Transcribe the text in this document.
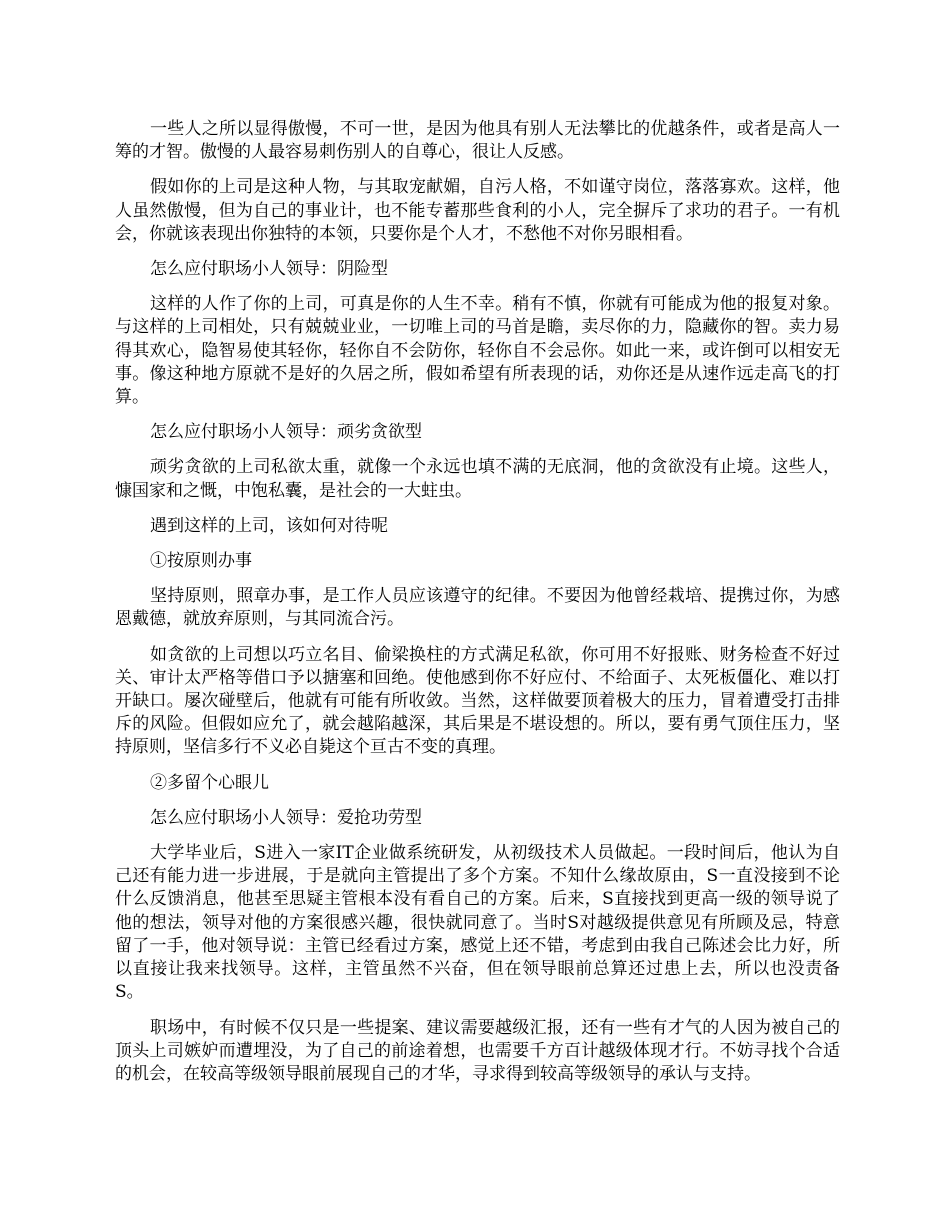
一些人之所以显得傲慢，不可一世，是因为他具有别人无法攀比的优越条件，或者是高人一筹的才智。傲慢的人最容易刺伤别人的自尊心，很让人反感。

假如你的上司是这种人物，与其取宠献媚，自污人格，不如谨守岗位，落落寡欢。这样，他人虽然傲慢，但为自己的事业计，也不能专蓄那些食利的小人，完全摒斥了求功的君子。一有机会，你就该表现出你独特的本领，只要你是个人才，不愁他不对你另眼相看。

怎么应付职场小人领导：阴险型

这样的人作了你的上司，可真是你的人生不幸。稍有不慎，你就有可能成为他的报复对象。与这样的上司相处，只有兢兢业业，一切唯上司的马首是瞻，卖尽你的力，隐藏你的智。卖力易得其欢心，隐智易使其轻你，轻你自不会防你，轻你自不会忌你。如此一来，或许倒可以相安无事。像这种地方原就不是好的久居之所，假如希望有所表现的话，劝你还是从速作远走高飞的打算。

怎么应付职场小人领导：顽劣贪欲型

顽劣贪欲的上司私欲太重，就像一个永远也填不满的无底洞，他的贪欲没有止境。这些人，慷国家和之慨，中饱私囊，是社会的一大蛀虫。

遇到这样的上司，该如何对待呢

①按原则办事

坚持原则，照章办事，是工作人员应该遵守的纪律。不要因为他曾经栽培、提携过你，为感恩戴德，就放弃原则，与其同流合污。

如贪欲的上司想以巧立名目、偷梁换柱的方式满足私欲，你可用不好报账、财务检查不好过关、审计太严格等借口予以搪塞和回绝。使他感到你不好应付、不给面子、太死板僵化、难以打开缺口。屡次碰壁后，他就有可能有所收敛。当然，这样做要顶着极大的压力，冒着遭受打击排斥的风险。但假如应允了，就会越陷越深，其后果是不堪设想的。所以，要有勇气顶住压力，坚持原则，坚信多行不义必自毙这个亘古不变的真理。

②多留个心眼儿

怎么应付职场小人领导：爱抢功劳型

大学毕业后，S进入一家IT企业做系统研发，从初级技术人员做起。一段时间后，他认为自己还有能力进一步进展，于是就向主管提出了多个方案。不知什么缘故原由，S一直没接到不论什么反馈消息，他甚至思疑主管根本没有看自己的方案。后来，S直接找到更高一级的领导说了他的想法，领导对他的方案很感兴趣，很快就同意了。当时S对越级提供意见有所顾及忌，特意留了一手，他对领导说：主管已经看过方案，感觉上还不错，考虑到由我自己陈述会比力好，所以直接让我来找领导。这样，主管虽然不兴奋，但在领导眼前总算还过患上去，所以也没责备S。

职场中，有时候不仅只是一些提案、建议需要越级汇报，还有一些有才气的人因为被自己的顶头上司嫉妒而遭埋没，为了自己的前途着想，也需要千方百计越级体现才行。不妨寻找个合适的机会，在较高等级领导眼前展现自己的才华，寻求得到较高等级领导的承认与支持。
